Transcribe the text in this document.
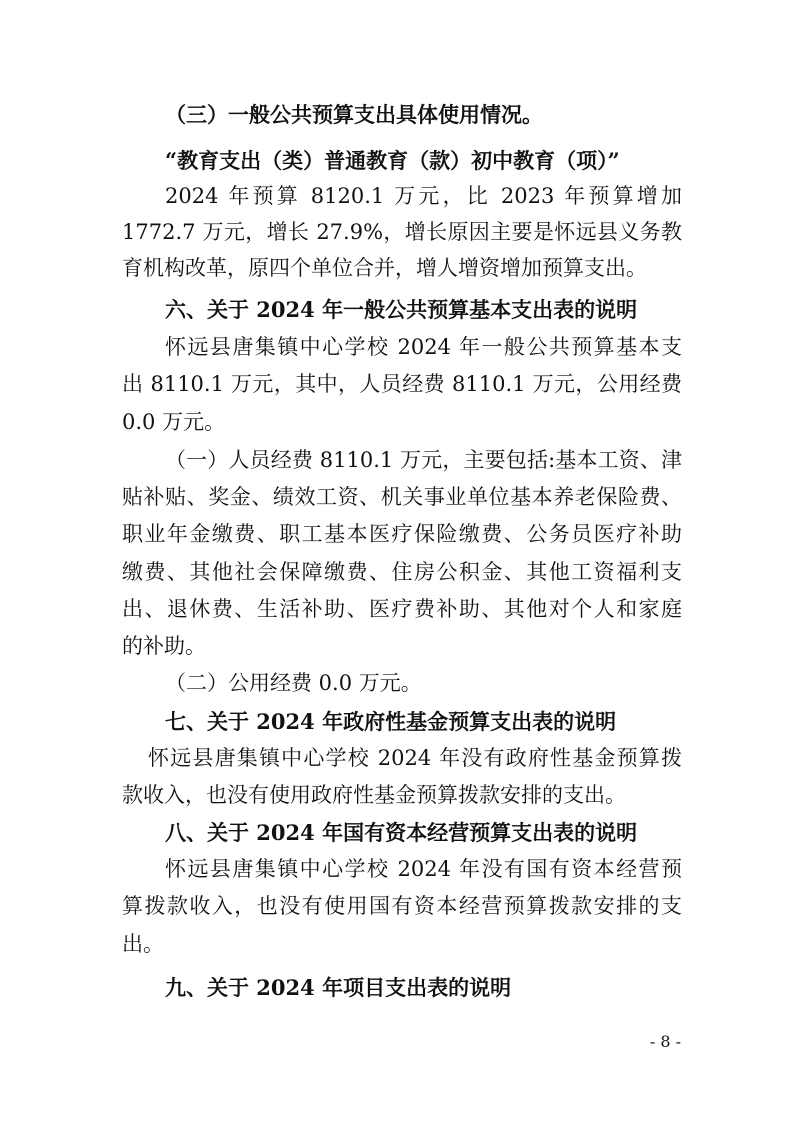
（三）一般公共预算支出具体使用情况。

“教育支出（类）普通教育（款）初中教育（项）”

2024 年预算 8120.1 万元，比 2023 年预算增加

1772.7 万元，增长 27.9%，增长原因主要是怀远县义务教

育机构改革，原四个单位合并，增人增资增加预算支出。

六、关于 2024 年一般公共预算基本支出表的说明

怀远县唐集镇中心学校 2024 年一般公共预算基本支

出 8110.1 万元，其中，人员经费 8110.1 万元，公用经费

0.0 万元。

（一）人员经费 8110.1 万元，主要包括:基本工资、津

贴补贴、奖金、绩效工资、机关事业单位基本养老保险费、

职业年金缴费、职工基本医疗保险缴费、公务员医疗补助

缴费、其他社会保障缴费、住房公积金、其他工资福利支

出、退休费、生活补助、医疗费补助、其他对个人和家庭

的补助。

（二）公用经费 0.0 万元。

七、关于 2024 年政府性基金预算支出表的说明

怀远县唐集镇中心学校 2024 年没有政府性基金预算拨

款收入，也没有使用政府性基金预算拨款安排的支出。

八、关于 2024 年国有资本经营预算支出表的说明

怀远县唐集镇中心学校 2024 年没有国有资本经营预

算拨款收入，也没有使用国有资本经营预算拨款安排的支

出。

九、关于 2024 年项目支出表的说明

- 8 -
